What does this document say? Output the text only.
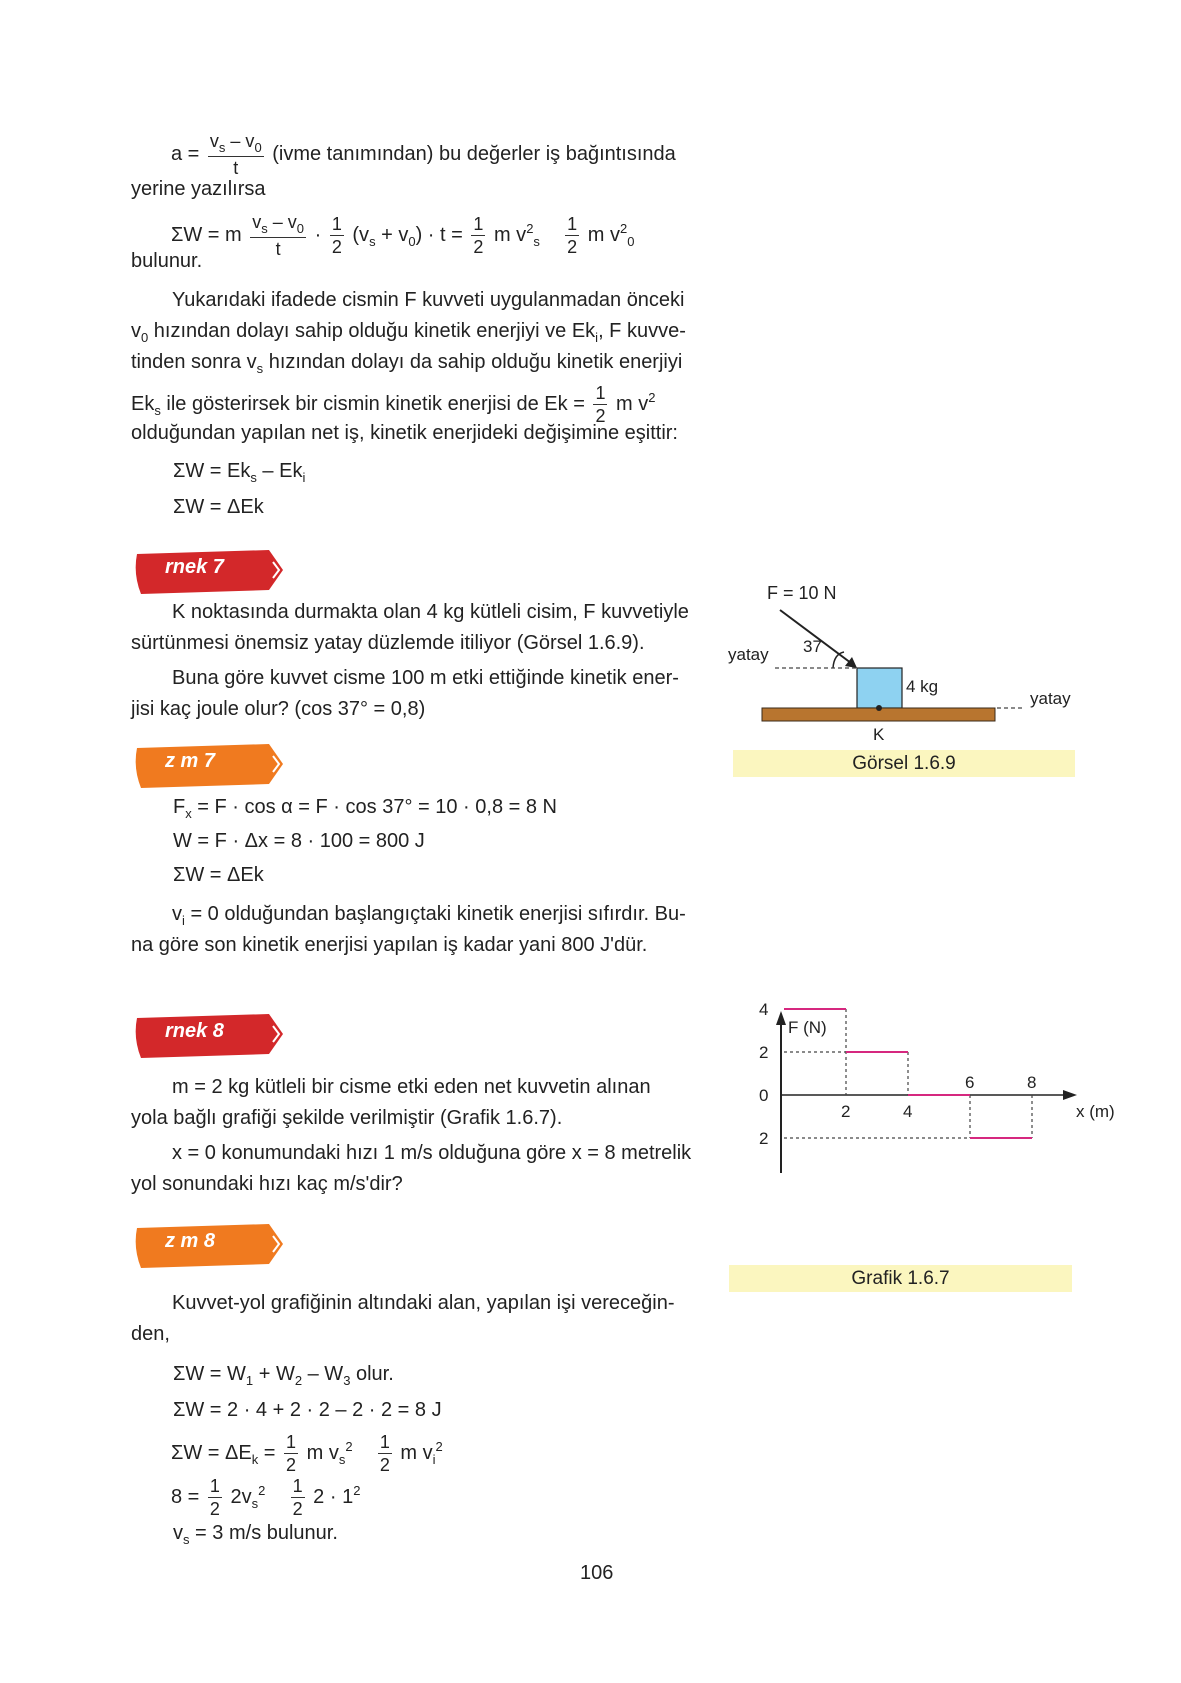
$a = \frac{v_s - v_0}{t}$ (ivme tanımından) bu değerler iş bağıntısında
yerine yazılırsa
ΣW = m $\frac{v_s - v_0}{t} \cdot \frac{1}{2} (v_s + v_0) \cdot t = \frac{1}{2}$ m $v^2_s \frac{1}{2}$ m $v^2_0$
bulunur.
Yukarıdaki ifadede cismin F kuvveti uygulanmadan önceki
$v_0$ hızından dolayı sahip olduğu kinetik enerjiyi ve $Ek_i$, F kuvve-
tinden sonra $v_s$ hızından dolayı da sahip olduğu kinetik enerjiyi
$Ek_s$ ile gösterirsek bir cismin kinetik enerjisi de $Ek = \frac{1}{2}$ m $v^2$
olduğundan yapılan net iş, kinetik enerjideki değişimine eşittir:
$\Sigma W = Ek_s - Ek_i$
ΣW = ΔEk
rnek 7
K noktasında durmakta olan 4 kg kütleli cisim, F kuvvetiyle
sürtünmesi önemsiz yatay düzlemde itiliyor (Görsel 1.6.9).
Buna göre kuvvet cisme 100 m etki ettiğinde kinetik ener-
jisi kaç joule olur? (cos 37° = 0,8)
z m 7
$F_x = F \cdot \cos \alpha = F \cdot \cos 37^\circ = 10 \cdot 0,8 = 8$ N
W = F · Δx = 8 · 100 = 800 J
ΣW = ΔEk
$v_i = 0$ olduğundan başlangıçtaki kinetik enerjisi sıfırdır. Bu-
na göre son kinetik enerjisi yapılan iş kadar yani 800 J'dür.
F = 10 N
37
yatay
4 kg
K
yatay
Görsel 1.6.9
rnek 8
m = 2 kg kütleli bir cisme etki eden net kuvvetin alınan
yola bağlı grafiği şekilde verilmiştir (Grafik 1.6.7).
x = 0 konumundaki hızı 1 m/s olduğuna göre x = 8 metrelik
yol sonundaki hızı kaç m/s'dir?
z m 8
Kuvvet-yol grafiğinin altındaki alan, yapılan işi vereceğin-
den,
$\Sigma W = W_1 + W_2 - W_3$ olur.
ΣW = 2 · 4 + 2 · 2 – 2 · 2 = 8 J
$\Sigma W = \Delta E_k = \frac{1}{2}$ m $v_s^2 \frac{1}{2}$ m $v_i^2$
$8 = \frac{1}{2} 2v_s^2 \frac{1}{2} 2 \cdot 1^2$
$v_s = 3$ m/s bulunur.
F (N)
x (m)
4
2
0
2
2	4
6	8
Grafik 1.6.7
106
